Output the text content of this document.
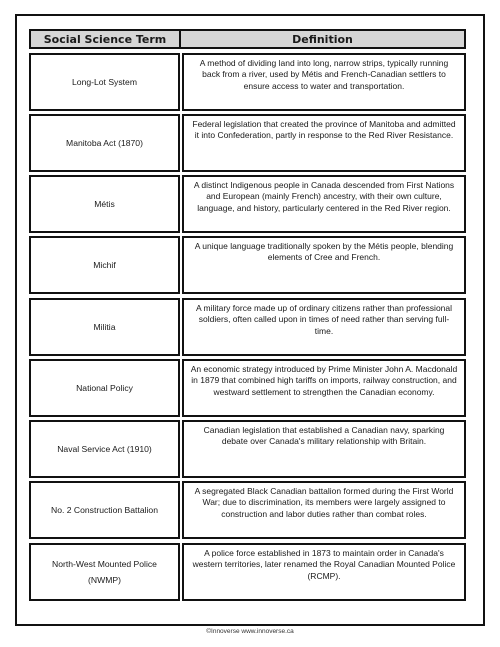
Social Science Term	Definition
Long-Lot System
A method of dividing land into long, narrow strips, typically running back from a river, used by Métis and French-Canadian settlers to ensure access to water and transportation.
Manitoba Act (1870)
Federal legislation that created the province of Manitoba and admitted it into Confederation, partly in response to the Red River Resistance.
Métis
A distinct Indigenous people in Canada descended from First Nations and European (mainly French) ancestry, with their own culture, language, and history, particularly centered in the Red River region.
Michif
A unique language traditionally spoken by the Métis people, blending elements of Cree and French.
Militia
A military force made up of ordinary citizens rather than professional soldiers, often called upon in times of need rather than serving full-time.
National Policy
An economic strategy introduced by Prime Minister John A. Macdonald in 1879 that combined high tariffs on imports, railway construction, and westward settlement to strengthen the Canadian economy.
Naval Service Act (1910)
Canadian legislation that established a Canadian navy, sparking debate over Canada's military relationship with Britain.
No. 2 Construction Battalion
A segregated Black Canadian battalion formed during the First World War; due to discrimination, its members were largely assigned to construction and labor duties rather than combat roles.
North-West Mounted Police (NWMP)
A police force established in 1873 to maintain order in Canada's western territories, later renamed the Royal Canadian Mounted Police (RCMP).
©Innoverse www.innoverse.ca
